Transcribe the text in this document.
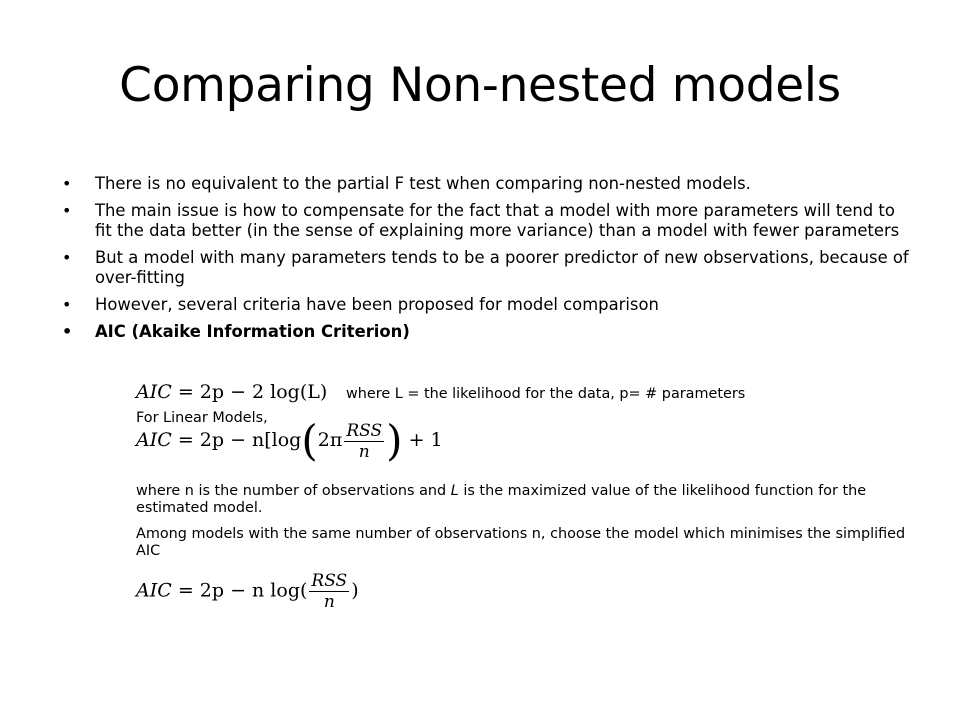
Comparing Non-nested models
• There is no equivalent to the partial F test when comparing non-nested models.
• The main issue is how to compensate for the fact that a model with more parameters will tend to fit the data better (in the sense of explaining more variance) than a model with fewer parameters
• But a model with many parameters tends to be a poorer predictor of new observations, because of over-fitting
• However, several criteria have been proposed for model comparison
• AIC (Akaike Information Criterion)
AIC = 2p − 2 log(L) where L = the likelihood for the data, p= # parameters
For Linear Models,
AIC = $2p - n[\log(2\pi \frac{\text{RSS}}{n}$ ) + 1
where n is the number of observations and L is the maximized value of the likelihood function for the estimated model.
Among models with the same number of observations n, choose the model which minimises the simplified AIC
AIC = 2p − n $\log( \frac{\text{RSS}}{n}$ )
